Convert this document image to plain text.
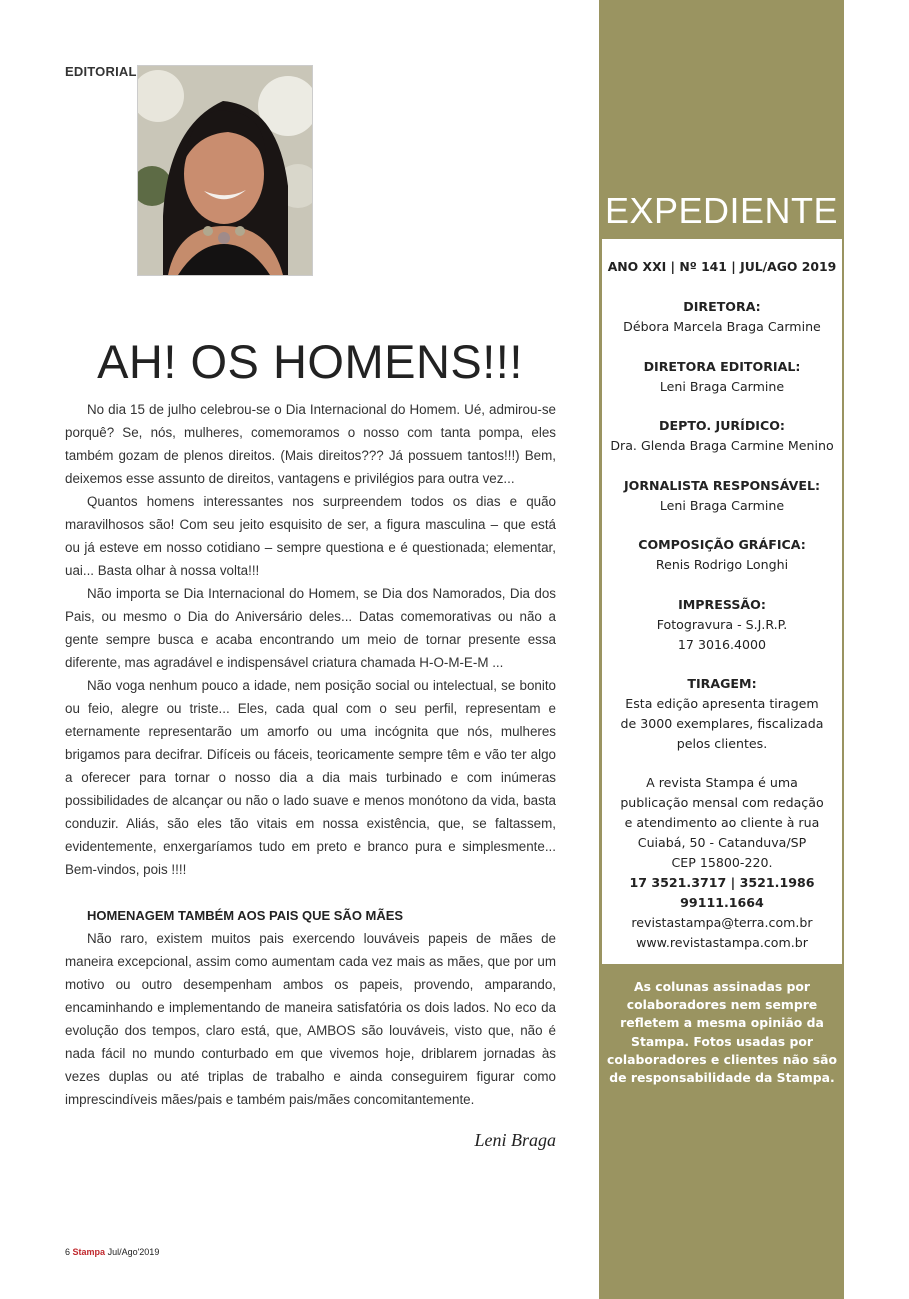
EDITORIAL
AH! OS HOMENS!!!

No dia 15 de julho celebrou-se o Dia Internacional do Homem. Ué, admirou-se porquê? Se, nós, mulheres, comemoramos o nosso com tanta pompa, eles também gozam de plenos direitos. (Mais direitos??? Já possuem tantos!!!) Bem, deixemos esse assunto de direitos, vantagens e privilégios para outra vez...

Quantos homens interessantes nos surpreendem todos os dias e quão maravilhosos são! Com seu jeito esquisito de ser, a figura masculina – que está ou já esteve em nosso cotidiano – sempre questiona e é questionada; elementar, uai... Basta olhar à nossa volta!!!

Não importa se Dia Internacional do Homem, se Dia dos Namorados, Dia dos Pais, ou mesmo o Dia do Aniversário deles... Datas comemorativas ou não a gente sempre busca e acaba encontrando um meio de tornar presente essa diferente, mas agradável e indispensável criatura chamada H-O-M-E-M ...

Não voga nenhum pouco a idade, nem posição social ou intelectual, se bonito ou feio, alegre ou triste... Eles, cada qual com o seu perfil, representam e eternamente representarão um amorfo ou uma incógnita que nós, mulheres brigamos para decifrar. Difíceis ou fáceis, teoricamente sempre têm e vão ter algo a oferecer para tornar o nosso dia a dia mais turbinado e com inúmeras possibilidades de alcançar ou não o lado suave e menos monótono da vida, basta conduzir. Aliás, são eles tão vitais em nossa existência, que, se faltassem, evidentemente, enxergaríamos tudo em preto e branco pura e simplesmente... Bem-vindos, pois !!!!

HOMENAGEM TAMBÉM AOS PAIS QUE SÃO MÃES

Não raro, existem muitos pais exercendo louváveis papeis de mães de maneira excepcional, assim como aumentam cada vez mais as mães, que por um motivo ou outro desempenham ambos os papeis, provendo, amparando, encaminhando e implementando de maneira satisfatória os dois lados. No eco da evolução dos tempos, claro está, que, AMBOS são louváveis, visto que, não é nada fácil no mundo conturbado em que vivemos hoje, driblarem jornadas às vezes duplas ou até triplas de trabalho e ainda conseguirem figurar como imprescindíveis mães/pais e também pais/mães concomitantemente.

Leni Braga
6 Stampa Jul/Ago'2019
EXPEDIENTE
ANO XXI | Nº 141 | JUL/AGO 2019
DIRETORA:
Débora Marcela Braga Carmine
DIRETORA EDITORIAL:
Leni Braga Carmine
DEPTO. JURÍDICO:
Dra. Glenda Braga Carmine Menino
JORNALISTA RESPONSÁVEL:
Leni Braga Carmine
COMPOSIÇÃO GRÁFICA:
Renis Rodrigo Longhi
IMPRESSÃO:
Fotogravura - S.J.R.P.
17 3016.4000
TIRAGEM:
Esta edição apresenta tiragem
de 3000 exemplares, fiscalizada
pelos clientes.
A revista Stampa é uma
publicação mensal com redação
e atendimento ao cliente à rua
Cuiabá, 50 - Catanduva/SP
CEP 15800-220.
17 3521.3717 | 3521.1986
99111.1664
revistastampa@terra.com.br
www.revistastampa.com.br
As colunas assinadas por colaboradores nem sempre refletem a mesma opinião da Stampa. Fotos usadas por colaboradores e clientes não são de responsabilidade da Stampa.
